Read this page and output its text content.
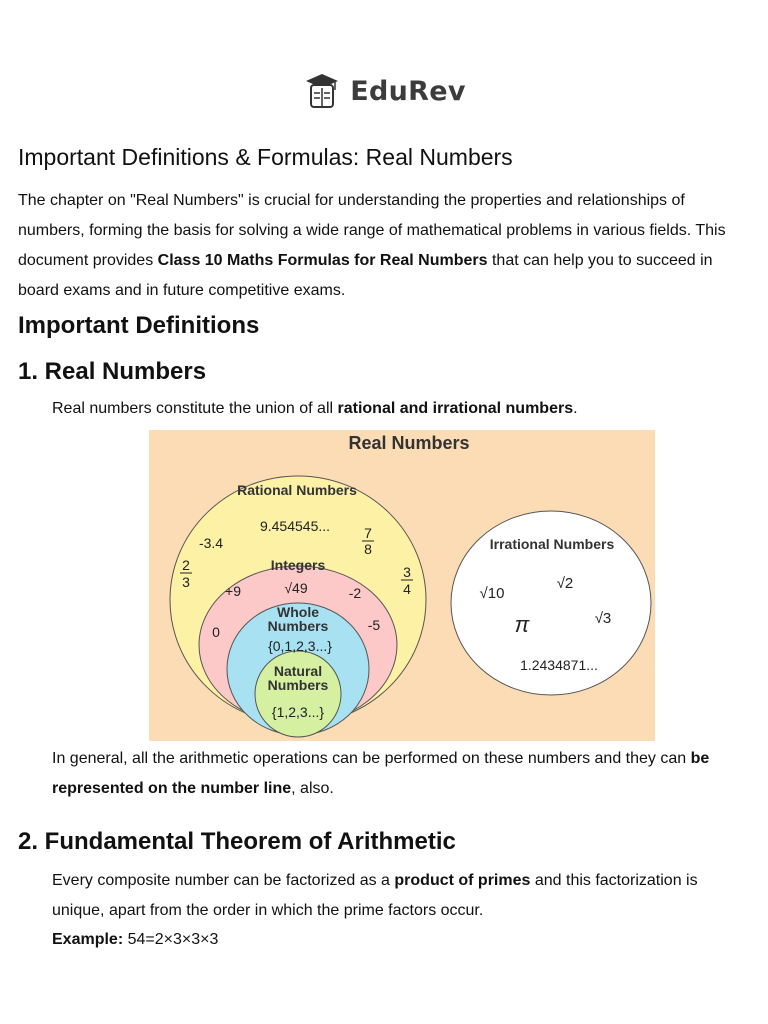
EduRev
Important Definitions & Formulas: Real Numbers

The chapter on "Real Numbers" is crucial for understanding the properties and relationships of numbers, forming the basis for solving a wide range of mathematical problems in various fields. This document provides Class 10 Maths Formulas for Real Numbers that can help you to succeed in board exams and in future competitive exams.

Important Definitions
1. Real Numbers

Real numbers constitute the union of all rational and irrational numbers.

Real Numbers
Rational Numbers
9.454545...
-3.4
2
3
7
8
3
4
Integers
√49
+9	-2
0	-5
Whole
Numbers
{0,1,2,3...}
Natural
Numbers
{1,2,3...}
Irrational Numbers
√10
√2
π	√3
1.2434871...

In general, all the arithmetic operations can be performed on these numbers and they can be represented on the number line, also.

2. Fundamental Theorem of Arithmetic

Every composite number can be factorized as a product of primes and this factorization is unique, apart from the order in which the prime factors occur.

Example: 54=2×3×3×3
